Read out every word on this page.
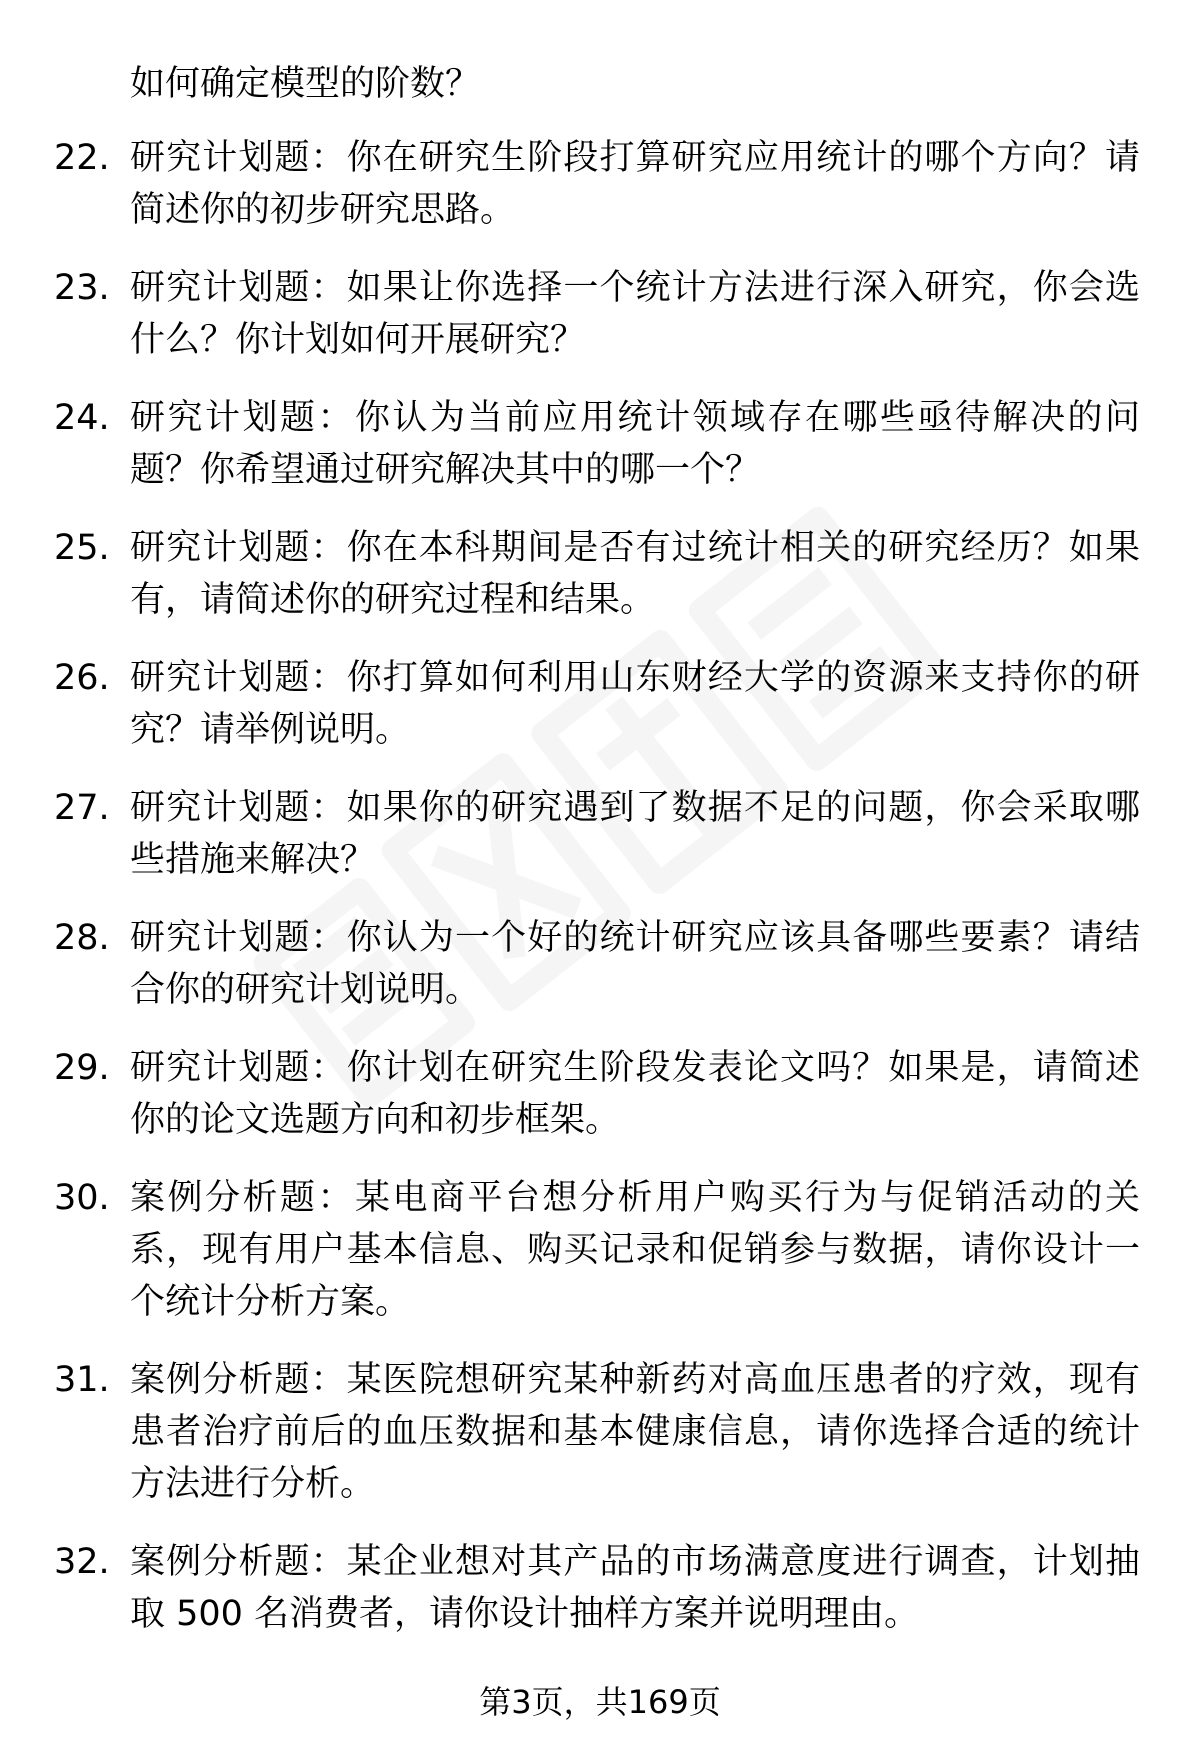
如何确定模型的阶数？
22. 研究计划题：你在研究生阶段打算研究应用统计的哪个方向？请简述你的初步研究思路。
23. 研究计划题：如果让你选择一个统计方法进行深入研究，你会选什么？你计划如何开展研究？
24. 研究计划题：你认为当前应用统计领域存在哪些亟待解决的问题？你希望通过研究解决其中的哪一个？
25. 研究计划题：你在本科期间是否有过统计相关的研究经历？如果有，请简述你的研究过程和结果。
26. 研究计划题：你打算如何利用山东财经大学的资源来支持你的研究？请举例说明。
27. 研究计划题：如果你的研究遇到了数据不足的问题，你会采取哪些措施来解决？
28. 研究计划题：你认为一个好的统计研究应该具备哪些要素？请结合你的研究计划说明。
29. 研究计划题：你计划在研究生阶段发表论文吗？如果是，请简述你的论文选题方向和初步框架。
30. 案例分析题：某电商平台想分析用户购买行为与促销活动的关系，现有用户基本信息、购买记录和促销参与数据，请你设计一个统计分析方案。
31. 案例分析题：某医院想研究某种新药对高血压患者的疗效，现有患者治疗前后的血压数据和基本健康信息，请你选择合适的统计方法进行分析。
32. 案例分析题：某企业想对其产品的市场满意度进行调查，计划抽取 500 名消费者，请你设计抽样方案并说明理由。
第3页，共169页
